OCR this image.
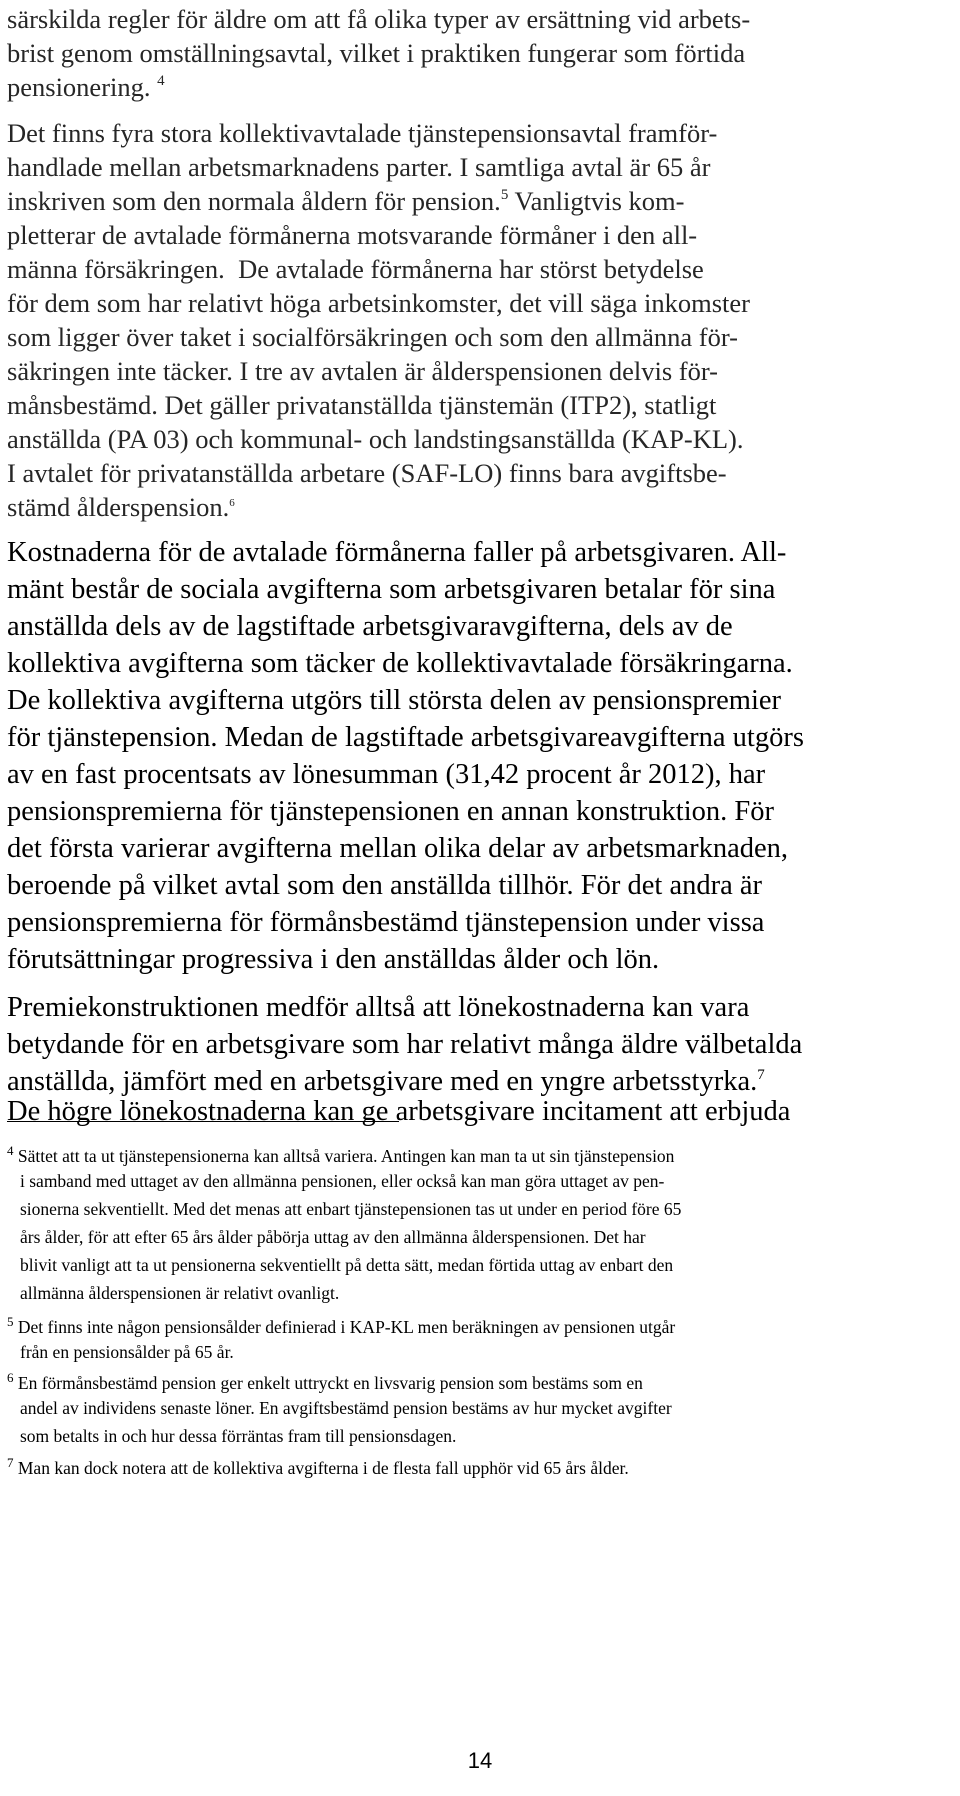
särskilda regler för äldre om att få olika typer av ersättning vid arbets-
brist genom omställningsavtal, vilket i praktiken fungerar som förtida
pensionering. $^4$
Det finns fyra stora kollektivavtalade tjänstepensionsavtal framför-
handlade mellan arbetsmarknadens parter. I samtliga avtal är 65 år
inskriven som den normala åldern för pension.$^5$ Vanligtvis kom-
pletterar de avtalade förmånerna motsvarande förmåner i den all-
männa försäkringen. De avtalade förmånerna har störst betydelse
för dem som har relativt höga arbetsinkomster, det vill säga inkomster
som ligger över taket i socialförsäkringen och som den allmänna för-
säkringen inte täcker. I tre av avtalen är ålderspensionen delvis för-
månsbestämd. Det gäller privatanställda tjänstemän (ITP2), statligt
anställda (PA 03) och kommunal- och landstingsanställda (KAP-KL).
I avtalet för privatanställda arbetare (SAF-LO) finns bara avgiftsbe-
stämd ålderspension.$^6$
Kostnaderna för de avtalade förmånerna faller på arbetsgivaren. All-
mänt består de sociala avgifterna som arbetsgivaren betalar för sina
anställda dels av de lagstiftade arbetsgivaravgifterna, dels av de
kollektiva avgifterna som täcker de kollektivavtalade försäkringarna.
De kollektiva avgifterna utgörs till största delen av pensionspremier
för tjänstepension. Medan de lagstiftade arbetsgivareavgifterna utgörs
av en fast procentsats av lönesumman (31,42 procent år 2012), har
pensionspremierna för tjänstepensionen en annan konstruktion. För
det första varierar avgifterna mellan olika delar av arbetsmarknaden,
beroende på vilket avtal som den anställda tillhör. För det andra är
pensionspremierna för förmånsbestämd tjänstepension under vissa
förutsättningar progressiva i den anställdas ålder och lön.
Premiekonstruktionen medför alltså att lönekostnaderna kan vara
betydande för en arbetsgivare som har relativt många äldre välbetalda
anställda, jämfört med en arbetsgivare med en yngre arbetsstyrka.$^7$
De högre lönekostnaderna kan ge arbetsgivare incitament att erbjuda
$^4$ Sättet att ta ut tjänstepensionerna kan alltså variera. Antingen kan man ta ut sin tjänstepension
i samband med uttaget av den allmänna pensionen, eller också kan man göra uttaget av pen-
sionerna sekventiellt. Med det menas att enbart tjänstepensionen tas ut under en period före 65
års ålder, för att efter 65 års ålder påbörja uttag av den allmänna ålderspensionen. Det har
blivit vanligt att ta ut pensionerna sekventiellt på detta sätt, medan förtida uttag av enbart den
allmänna ålderspensionen är relativt ovanligt.
$^5$ Det finns inte någon pensionsålder definierad i KAP-KL men beräkningen av pensionen utgår
från en pensionsålder på 65 år.
$^6$ En förmånsbestämd pension ger enkelt uttryckt en livsvarig pension som bestäms som en
andel av individens senaste löner. En avgiftsbestämd pension bestäms av hur mycket avgifter
som betalts in och hur dessa förräntas fram till pensionsdagen.
$^7$ Man kan dock notera att de kollektiva avgifterna i de flesta fall upphör vid 65 års ålder.
14
